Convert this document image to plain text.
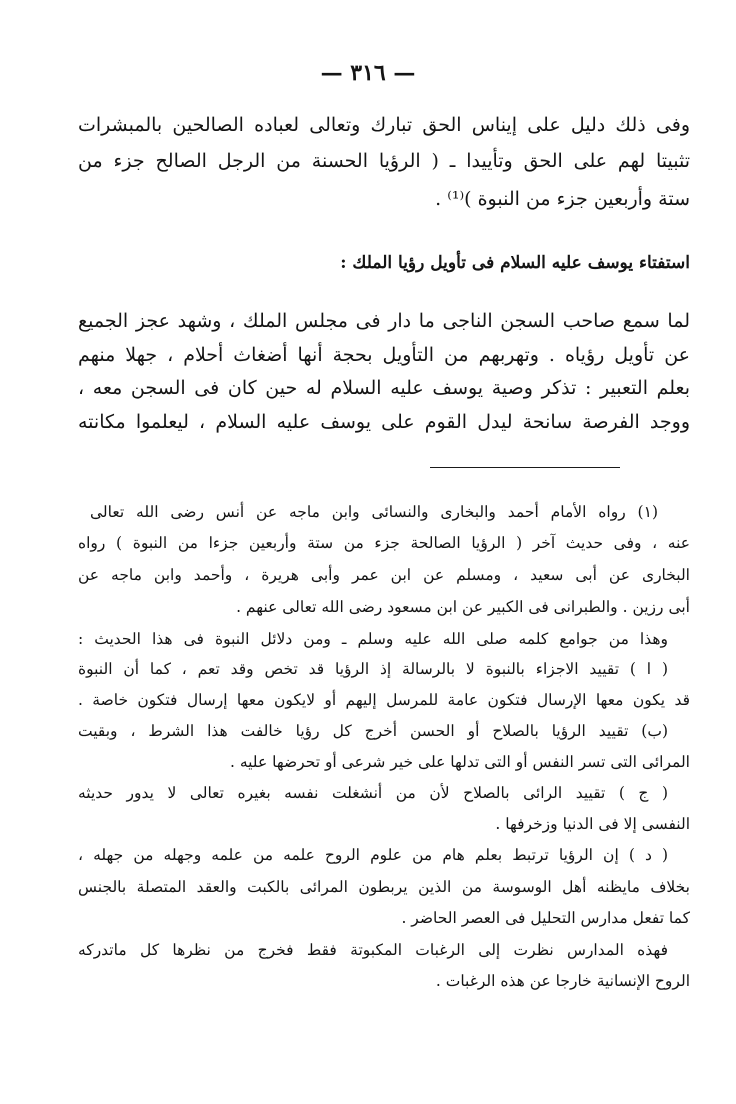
— ٣١٦ —
وفى ذلك دليل على إيناس الحق تبارك وتعالى لعباده الصالحين بالمبشرات
تثبيتا لهم على الحق وتأييدا ـ ( الرؤيا الحسنة من الرجل الصالح جزء من
ستة وأربعين جزء من النبوة )⁽¹⁾ .
استفتاء يوسف عليه السلام فى تأويل رؤيا الملك :
لما سمع صاحب السجن الناجى ما دار فى مجلس الملك ، وشهد عجز الجميع
عن تأويل رؤياه . وتهربهم من التأويل بحجة أنها أضغاث أحلام ، جهلا منهم
بعلم التعبير : تذكر وصية يوسف عليه السلام له حين كان فى السجن معه ،
ووجد الفرصة سانحة ليدل القوم على يوسف عليه السلام ، ليعلموا مكانته
(١) رواه الأمام أحمد والبخارى والنسائى وابن ماجه عن أنس رضى الله تعالى
عنه ، وفى حديث آخر ( الرؤيا الصالحة جزء من ستة وأربعين جزءا من النبوة ) رواه
البخارى عن أبى سعيد ، ومسلم عن ابن عمر وأبى هريرة ، وأحمد وابن ماجه عن
أبى رزين . والطبرانى فى الكبير عن ابن مسعود رضى الله تعالى عنهم .
وهذا من جوامع كلمه صلى الله عليه وسلم ـ ومن دلائل النبوة فى هذا الحديث :
( ا ) تقييد الاجزاء بالنبوة لا بالرسالة إذ الرؤيا قد تخص وقد تعم ، كما أن النبوة
قد يكون معها الإرسال فتكون عامة للمرسل إليهم أو لايكون معها إرسال فتكون خاصة .
(ب) تقييد الرؤيا بالصلاح أو الحسن أخرج كل رؤيا خالفت هذا الشرط ، وبقيت
المرائى التى تسر النفس أو التى تدلها على خير شرعى أو تحرضها عليه .
( ج ) تقييد الرائى بالصلاح لأن من أنشغلت نفسه بغيره تعالى لا يدور حديثه
النفسى إلا فى الدنيا وزخرفها .
( د ) إن الرؤيا ترتبط بعلم هام من علوم الروح علمه من علمه وجهله من جهله ،
بخلاف مايظنه أهل الوسوسة من الذين يربطون المرائى بالكبت والعقد المتصلة بالجنس
كما تفعل مدارس التحليل فى العصر الحاضر .
فهذه المدارس نظرت إلى الرغبات المكبوتة فقط فخرج من نظرها كل ماتدركه
الروح الإنسانية خارجا عن هذه الرغبات .
